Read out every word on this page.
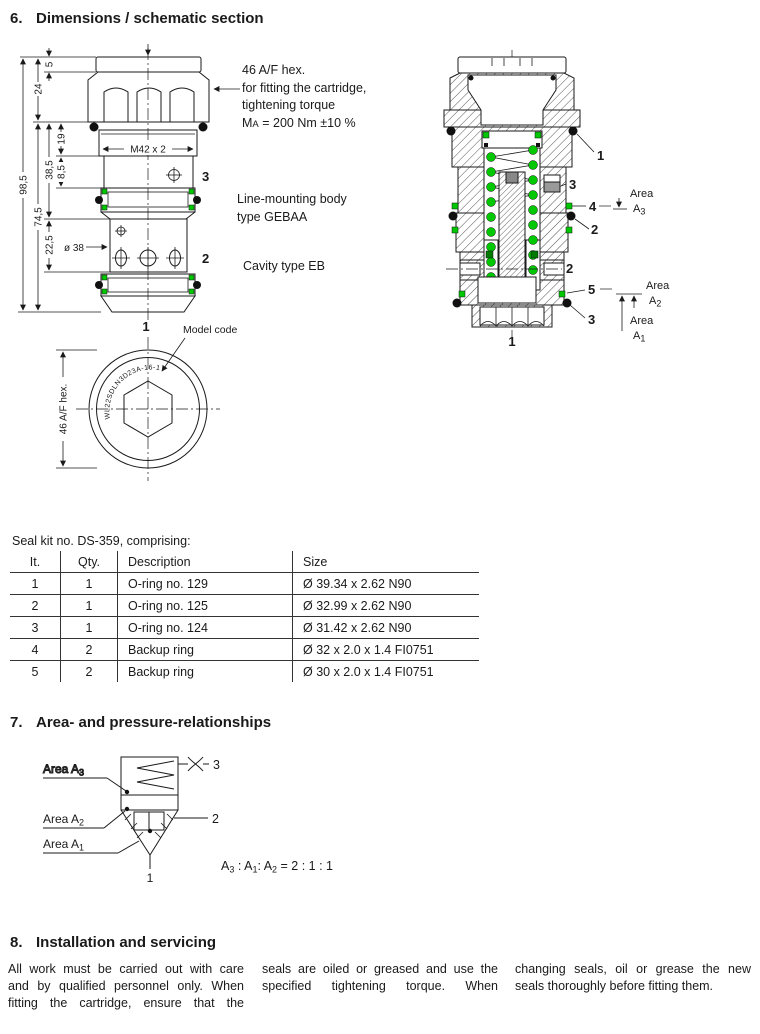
6. Dimensions / schematic section
M42 x 2
3
2
ø 38
1
98,5
24
74,5
5
38,5
22,5
19
8,5
WL22SDLN3D23A-16-1
Model code
46 A/F hex.
1
3
4
Area
$A_3$
2
2
5	Area
$A_2$
3	Area
$A_1$
1
46 A/F hex.
for fitting the cartridge,
tightening torque
MA = 200 Nm ±10 %
Line-mounting body
type GEBAA
Cavity type EB
Seal kit no. DS-359, comprising:
It.	Qty.	Description	Size
1	1	O-ring no. 129	Ø 39.34 x 2.62 N90
2	1	O-ring no. 125	Ø 32.99 x 2.62 N90
3	1	O-ring no. 124	Ø 31.42 x 2.62 N90
4	2	Backup ring	Ø 32 x 2.0 x 1.4 FI0751
5	2	Backup ring	Ø 30 x 2.0 x 1.4 FI0751
7. Area- and pressure-relationships
Area $A_3$
1
Area $A_2$
Area $A_1$
3
2
$A_3$ : $A_1$: $A_2 = 2$ : 1 : 1
8. Installation and servicing
All work must be carried out with care
and by qualified personnel only. When
fitting the cartridge, ensure that the
seals are oiled or greased and use the
specified tightening torque. When
changing seals, oil or grease the new
seals thoroughly before fitting them.
